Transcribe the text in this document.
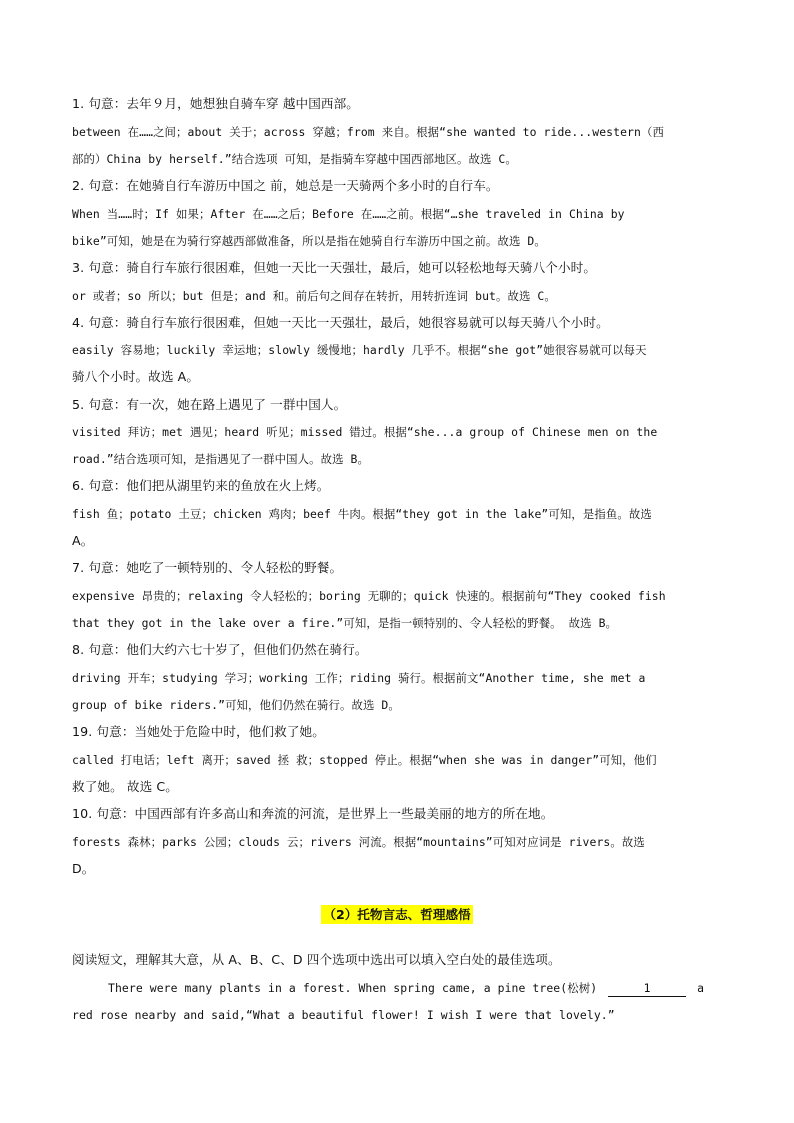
1. 句意：去年９月，她想独自骑车穿 越中国西部。
between 在……之间；about 关于；across 穿越；from 来自。根据“she wanted to ride...western（西
部的）China by herself.”结合选项 可知，是指骑车穿越中国西部地区。故选 C。
2. 句意：在她骑自行车游历中国之 前，她总是一天骑两个多小时的自行车。
When 当……时；If 如果；After 在……之后；Before 在……之前。根据“…she traveled in China by
bike”可知，她是在为骑行穿越西部做准备，所以是指在她骑自行车游历中国之前。故选 D。
3. 句意：骑自行车旅行很困难，但她一天比一天强壮，最后，她可以轻松地每天骑八个小时。
or 或者；so 所以；but 但是；and 和。前后句之间存在转折，用转折连词 but。故选 C。
4. 句意：骑自行车旅行很困难，但她一天比一天强壮，最后，她很容易就可以每天骑八个小时。
easily 容易地；luckily 幸运地；slowly 缓慢地；hardly 几乎不。根据“she got”她很容易就可以每天
骑八个小时。故选 A。
5. 句意：有一次，她在路上遇见了 一群中国人。
visited 拜访；met 遇见；heard 听见；missed 错过。根据“she...a group of Chinese men on the
road.”结合选项可知，是指遇见了一群中国人。故选 B。
6. 句意：他们把从湖里钓来的鱼放在火上烤。
fish 鱼；potato 土豆；chicken 鸡肉；beef 牛肉。根据“they got in the lake”可知，是指鱼。故选
A。
7. 句意：她吃了一顿特别的、令人轻松的野餐。
expensive 昂贵的；relaxing 令人轻松的；boring 无聊的；quick 快速的。根据前句“They cooked fish
that they got in the lake over a fire.”可知，是指一顿特别的、令人轻松的野餐。 故选 B。
8. 句意：他们大约六七十岁了，但他们仍然在骑行。
driving 开车；studying 学习；working 工作；riding 骑行。根据前文“Another time, she met a
group of bike riders.”可知，他们仍然在骑行。故选 D。
19. 句意：当她处于危险中时，他们救了她。
called 打电话；left 离开；saved 拯 救；stopped 停止。根据“when she was in danger”可知，他们
救了她。 故选 C。
10. 句意：中国西部有许多高山和奔流的河流，是世界上一些最美丽的地方的所在地。
forests 森林；parks 公园；clouds 云；rivers 河流。根据“mountains”可知对应词是 rivers。故选
D。
（2）托物言志、哲理感悟
阅读短文，理解其大意，从 A、B、C、D 四个选项中选出可以填入空白处的最佳选项。
There were many plants in a forest. When spring came, a pine tree(松树)	1	a
red rose nearby and said,“What a beautiful flower! I wish I were that lovely.”
